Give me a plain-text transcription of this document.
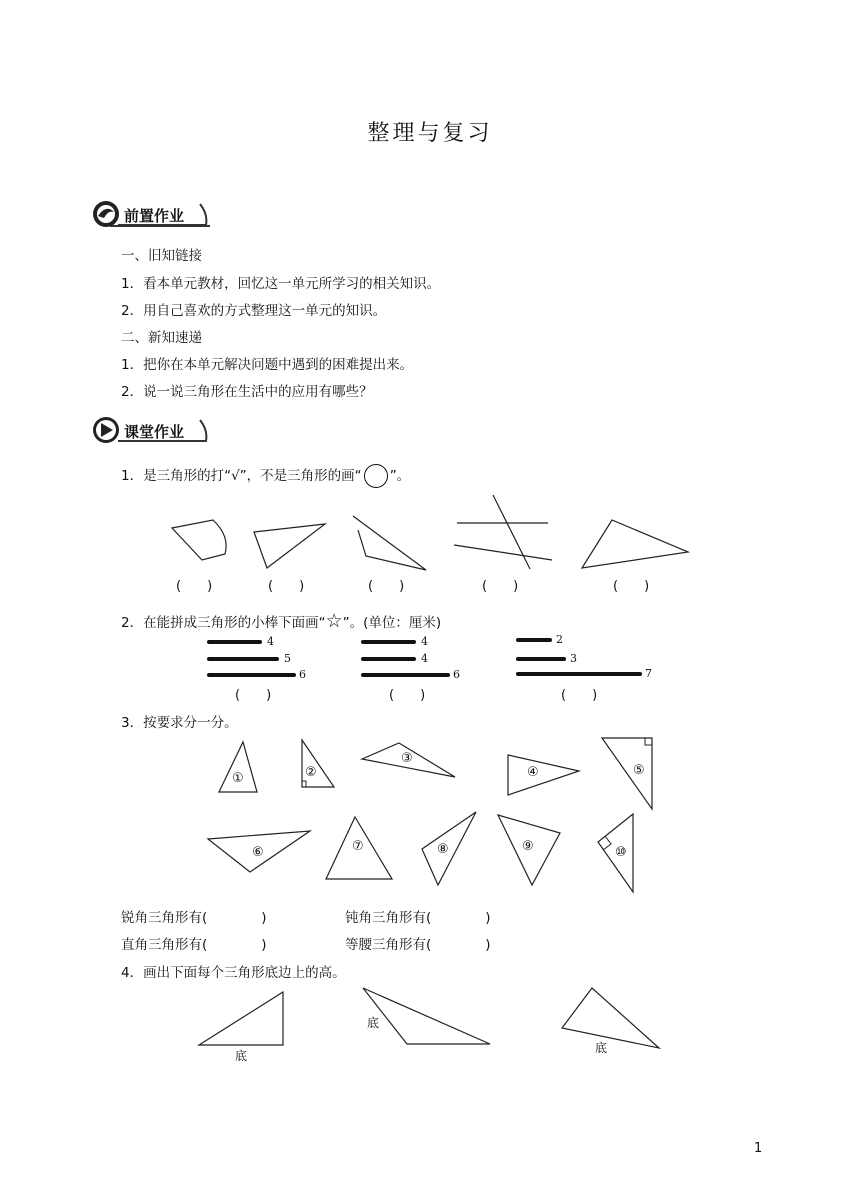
整理与复习
前置作业
一、旧知链接
1．看本单元教材，回忆这一单元所学习的相关知识。
2．用自己喜欢的方式整理这一单元的知识。
二、新知速递
1．把你在本单元解决问题中遇到的困难提出来。
2．说一说三角形在生活中的应用有哪些？
课堂作业
1．是三角形的打“√”，不是三角形的画“ ”。
(　　)	(　　)	(　　)	(　　)	(　　)
2．在能拼成三角形的小棒下面画“☆”。(单位：厘米)
4
5
6
4
4
6
2
3
7
(　　)	(　　)	(　　)
3．按要求分一分。
①	②
③
④	⑤
⑥	⑦	⑧	⑨	⑩
锐角三角形有(　　　　)	钝角三角形有(　　　　)
直角三角形有(　　　　)	等腰三角形有(　　　　)
4．画出下面每个三角形底边上的高。
底
底
底
1
